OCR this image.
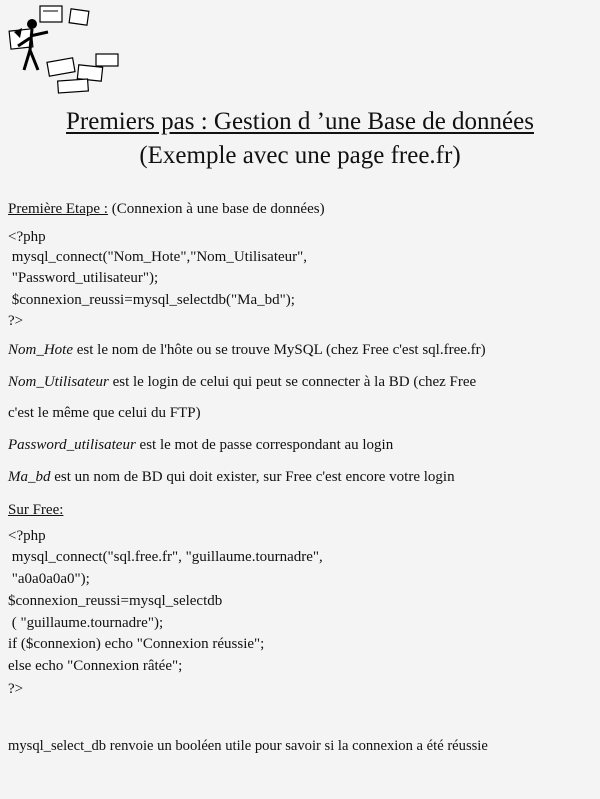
Premiers pas : Gestion d ’une Base de données
(Exemple avec une page free.fr)
Première Etape : (Connexion à une base de données)
<?php
mysql_connect("Nom_Hote","Nom_Utilisateur",
"Password_utilisateur");
$connexion_reussi=mysql_selectdb("Ma_bd");
?>
Nom_Hote est le nom de l'hôte ou se trouve MySQL (chez Free c'est sql.free.fr)
Nom_Utilisateur est le login de celui qui peut se connecter à la BD (chez Free
c'est le même que celui du FTP)
Password_utilisateur est le mot de passe correspondant au login
Ma_bd est un nom de BD qui doit exister, sur Free c'est encore votre login
Sur Free:
<?php
mysql_connect("sql.free.fr", "guillaume.tournadre",
"a0a0a0a0");
$connexion_reussi=mysql_selectdb
( "guillaume.tournadre");
if ($connexion) echo "Connexion réussie";
else echo "Connexion râtée";
?>
mysql_select_db renvoie un booléen utile pour savoir si la connexion a été réussie
